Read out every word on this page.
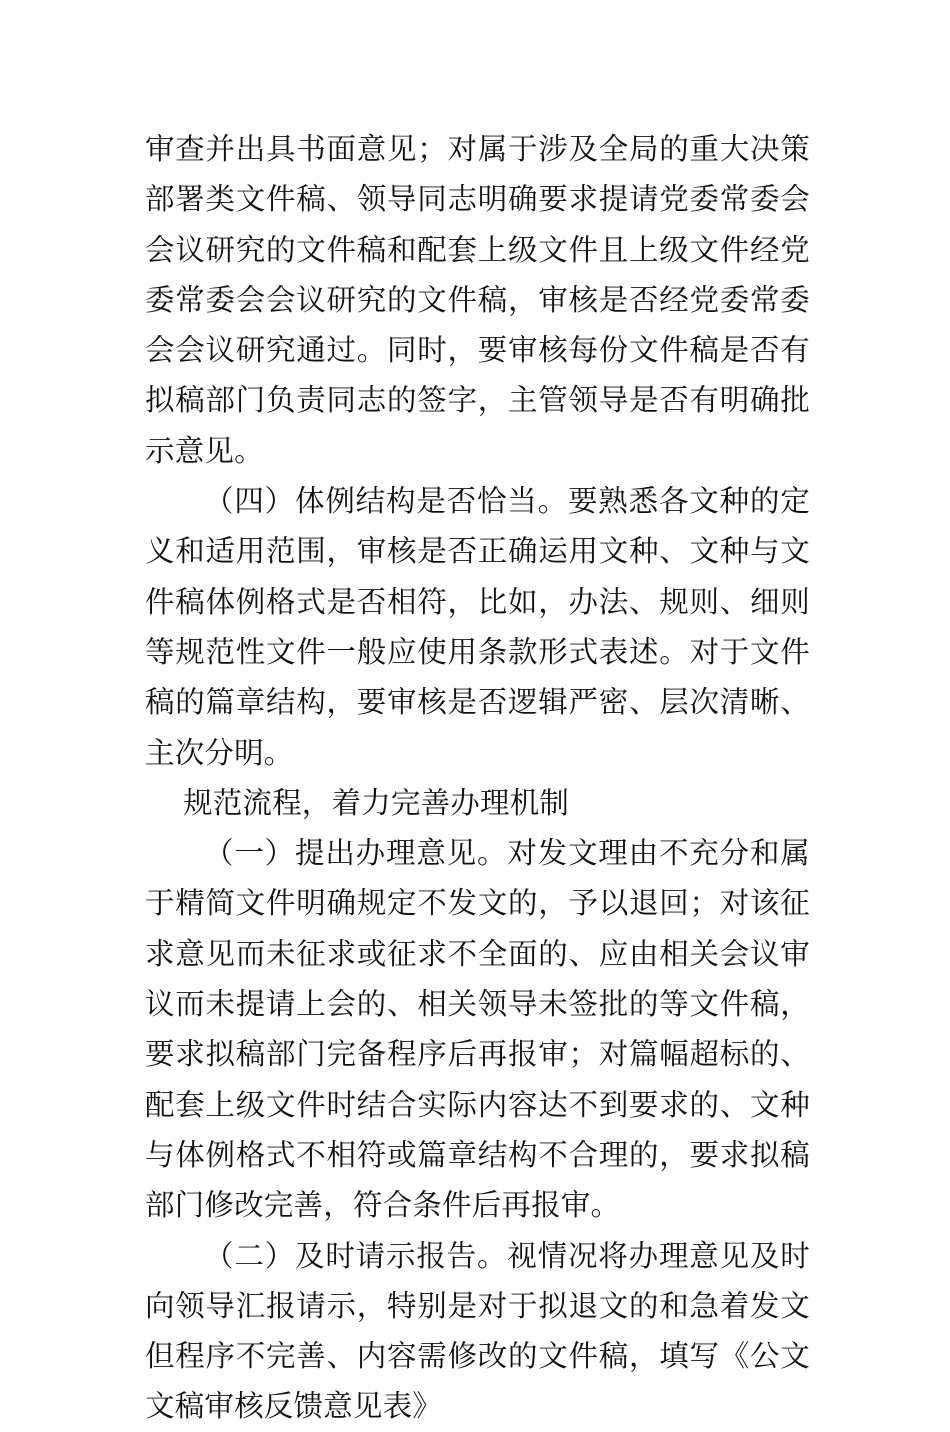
审查并出具书面意见；对属于涉及全局的重大决策部署类文件稿、领导同志明确要求提请党委常委会会议研究的文件稿和配套上级文件且上级文件经党委常委会会议研究的文件稿，审核是否经党委常委会会议研究通过。同时，要审核每份文件稿是否有拟稿部门负责同志的签字，主管领导是否有明确批示意见。

（四）体例结构是否恰当。要熟悉各文种的定义和适用范围，审核是否正确运用文种、文种与文件稿体例格式是否相符，比如，办法、规则、细则等规范性文件一般应使用条款形式表述。对于文件稿的篇章结构，要审核是否逻辑严密、层次清晰、主次分明。

规范流程，着力完善办理机制

（一）提出办理意见。对发文理由不充分和属于精简文件明确规定不发文的，予以退回；对该征求意见而未征求或征求不全面的、应由相关会议审议而未提请上会的、相关领导未签批的等文件稿，要求拟稿部门完备程序后再报审；对篇幅超标的、配套上级文件时结合实际内容达不到要求的、文种与体例格式不相符或篇章结构不合理的，要求拟稿部门修改完善，符合条件后再报审。

（二）及时请示报告。视情况将办理意见及时向领导汇报请示，特别是对于拟退文的和急着发文但程序不完善、内容需修改的文件稿，填写《公文文稿审核反馈意见表》
